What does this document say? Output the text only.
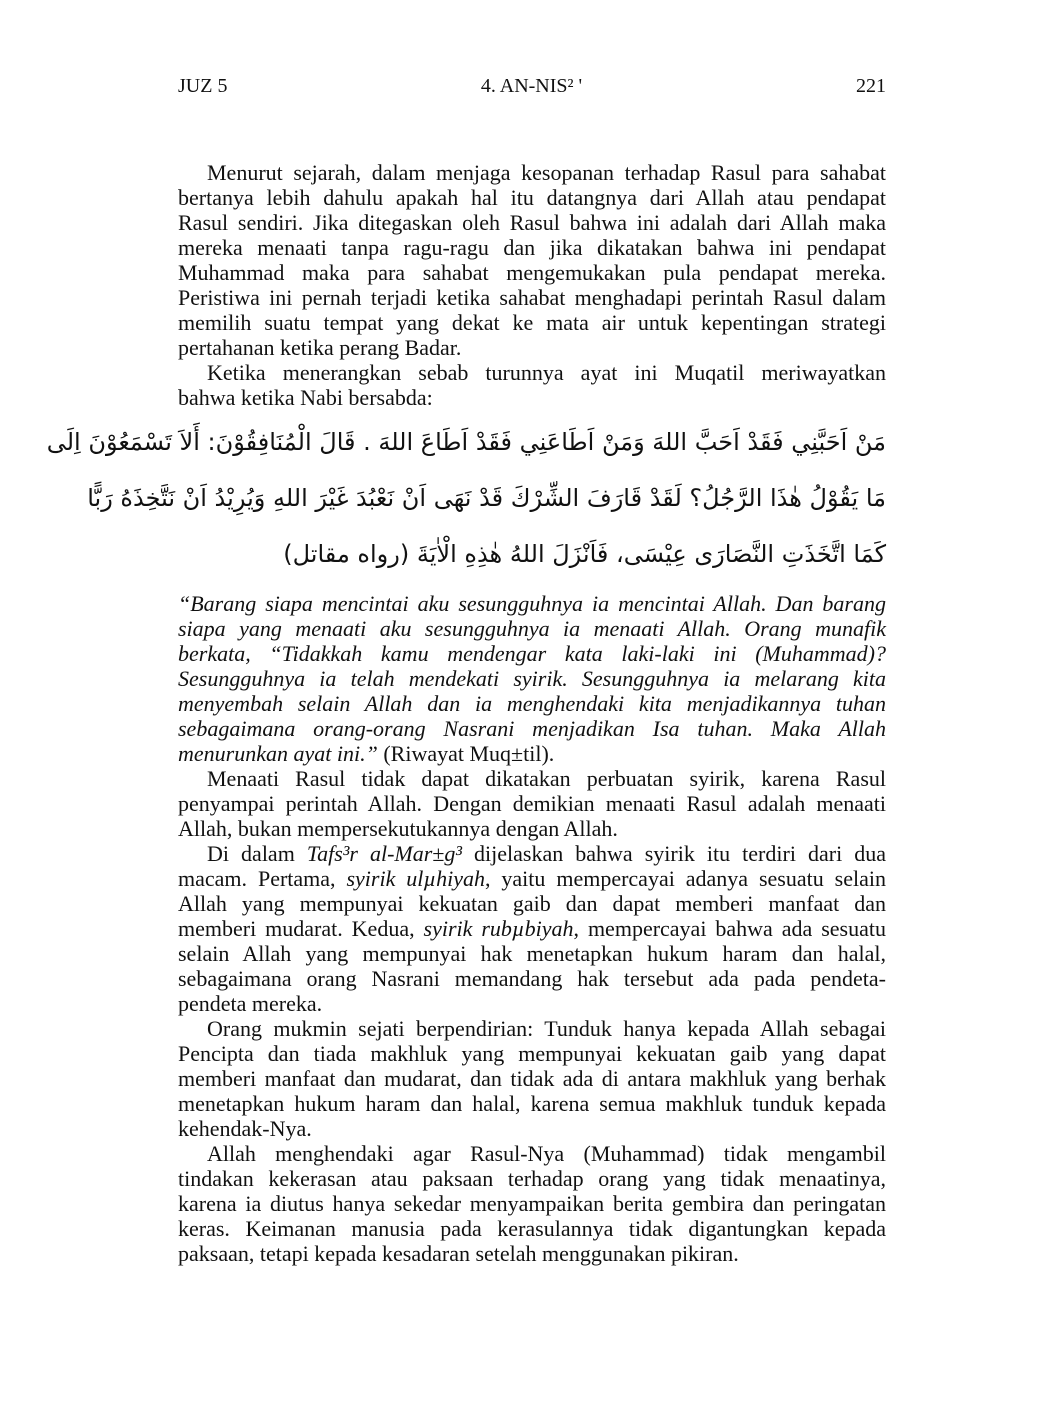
JUZ 5	4. AN-NIS² '	221
Menurut sejarah, dalam menjaga kesopanan terhadap Rasul para sahabat
bertanya lebih dahulu apakah hal itu datangnya dari Allah atau pendapat
Rasul sendiri. Jika ditegaskan oleh Rasul bahwa ini adalah dari Allah maka
mereka menaati tanpa ragu-ragu dan jika dikatakan bahwa ini pendapat
Muhammad maka para sahabat mengemukakan pula pendapat mereka.
Peristiwa ini pernah terjadi ketika sahabat menghadapi perintah Rasul dalam
memilih suatu tempat yang dekat ke mata air untuk kepentingan strategi
pertahanan ketika perang Badar.
Ketika menerangkan sebab turunnya ayat ini Muqatil meriwayatkan
bahwa ketika Nabi bersabda:
مَنْ اَحَبَّنِي فَقَدْ اَحَبَّ اللهَ وَمَنْ اَطَاعَنِي فَقَدْ اَطَاعَ اللهَ . قَالَ الْمُنَافِقُوْنَ: أَلاَ تَسْمَعُوْنَ اِلَى
مَا يَقُوْلُ هٰذَا الرَّجُلُ؟ لَقَدْ قَارَفَ الشِّرْكَ قَدْ نَهَى اَنْ نَعْبُدَ غَيْرَ اللهِ وَيُرِيْدُ اَنْ نَتَّخِذَهُ رَبًّا
كَمَا اتَّخَذَتِ النَّصَارَى عِيْسَى، فَاَنْزَلَ اللهُ هٰذِهِ الْاٰيَةَ (رواه مقاتل)
“Barang siapa mencintai aku sesungguhnya ia mencintai Allah. Dan barang
siapa yang menaati aku sesungguhnya ia menaati Allah. Orang munafik
berkata, “Tidakkah kamu mendengar kata laki-laki ini (Muhammad)?
Sesungguhnya ia telah mendekati syirik. Sesungguhnya ia melarang kita
menyembah selain Allah dan ia menghendaki kita menjadikannya tuhan
sebagaimana orang-orang Nasrani menjadikan Isa tuhan. Maka Allah
menurunkan ayat ini.” (Riwayat Muq±til).
Menaati Rasul tidak dapat dikatakan perbuatan syirik, karena Rasul
penyampai perintah Allah. Dengan demikian menaati Rasul adalah menaati
Allah, bukan mempersekutukannya dengan Allah.
Di dalam Tafs³r al-Mar±g³ dijelaskan bahwa syirik itu terdiri dari dua
macam. Pertama, syirik ulµhiyah, yaitu mempercayai adanya sesuatu selain
Allah yang mempunyai kekuatan gaib dan dapat memberi manfaat dan
memberi mudarat. Kedua, syirik rubµbiyah, mempercayai bahwa ada sesuatu
selain Allah yang mempunyai hak menetapkan hukum haram dan halal,
sebagaimana orang Nasrani memandang hak tersebut ada pada pendeta-
pendeta mereka.
Orang mukmin sejati berpendirian: Tunduk hanya kepada Allah sebagai
Pencipta dan tiada makhluk yang mempunyai kekuatan gaib yang dapat
memberi manfaat dan mudarat, dan tidak ada di antara makhluk yang berhak
menetapkan hukum haram dan halal, karena semua makhluk tunduk kepada
kehendak-Nya.
Allah menghendaki agar Rasul-Nya (Muhammad) tidak mengambil
tindakan kekerasan atau paksaan terhadap orang yang tidak menaatinya,
karena ia diutus hanya sekedar menyampaikan berita gembira dan peringatan
keras. Keimanan manusia pada kerasulannya tidak digantungkan kepada
paksaan, tetapi kepada kesadaran setelah menggunakan pikiran.
